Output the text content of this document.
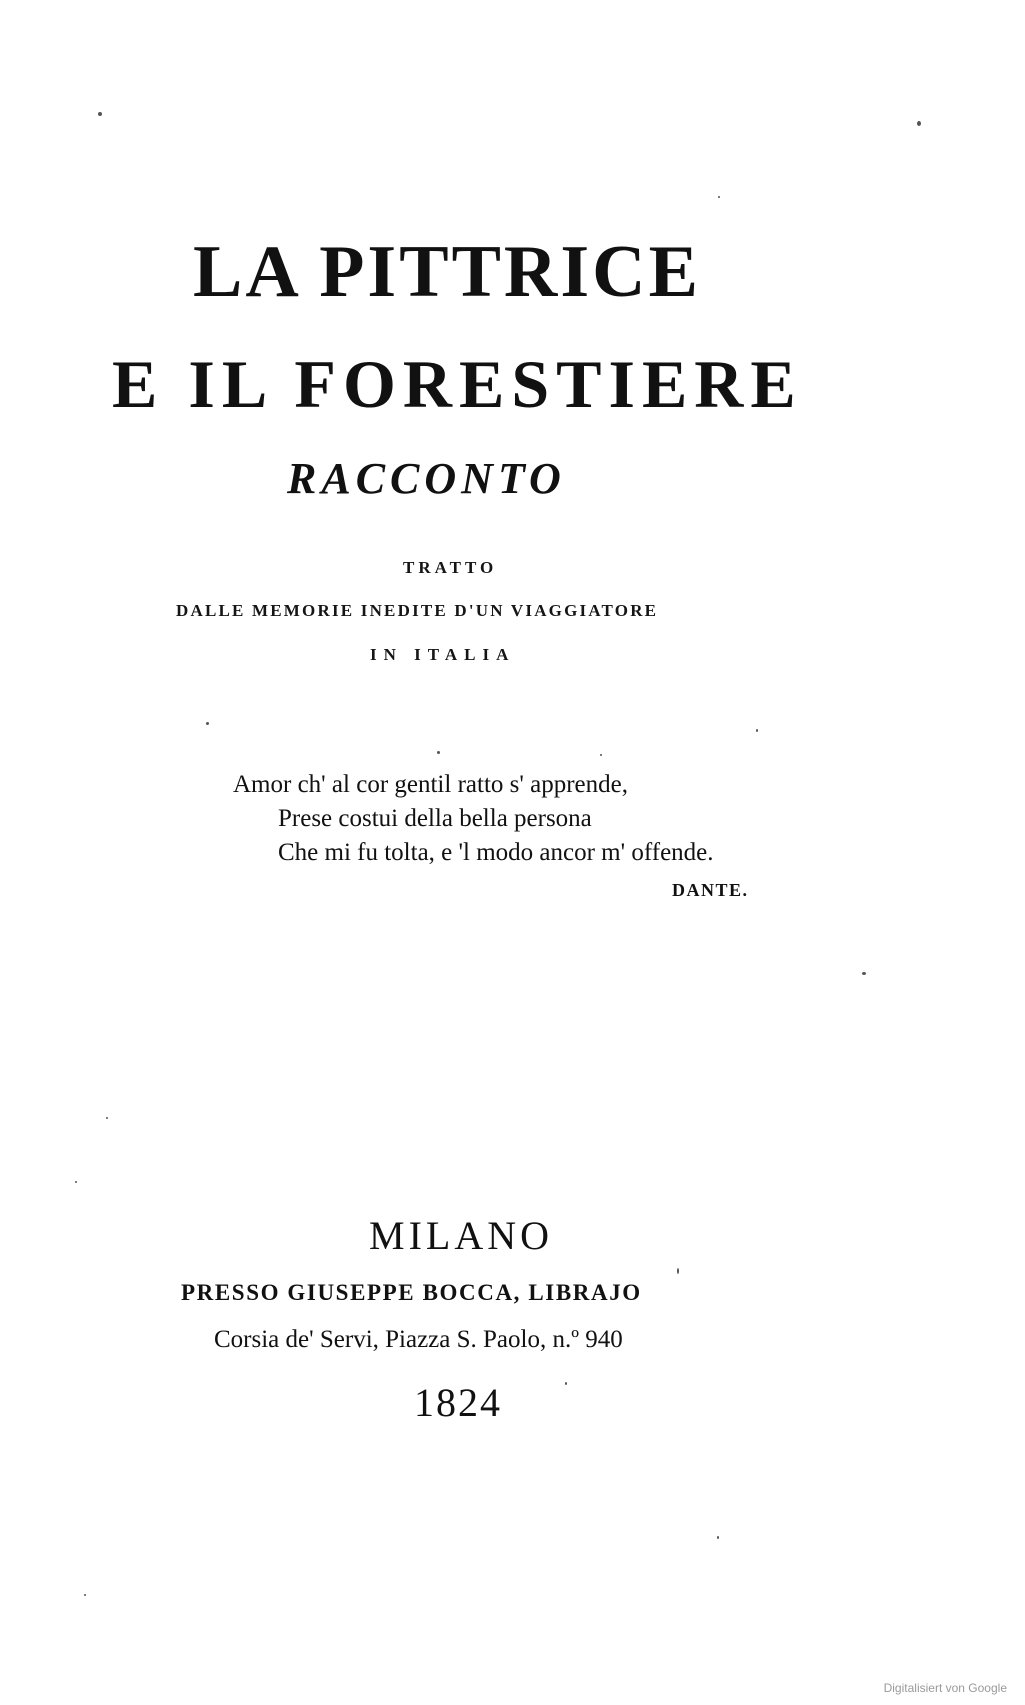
LA PITTRICE
E IL FORESTIERE
RACCONTO
TRATTO
DALLE MEMORIE INEDITE D'UN VIAGGIATORE
IN ITALIA
Amor ch' al cor gentil ratto s' apprende,
Prese costui della bella persona
Che mi fu tolta, e 'l modo ancor m' offende.
DANTE.
MILANO
PRESSO GIUSEPPE BOCCA, LIBRAJO
Corsia de' Servi, Piazza S. Paolo, n.º 940
1824
Digitalisiert von Google
